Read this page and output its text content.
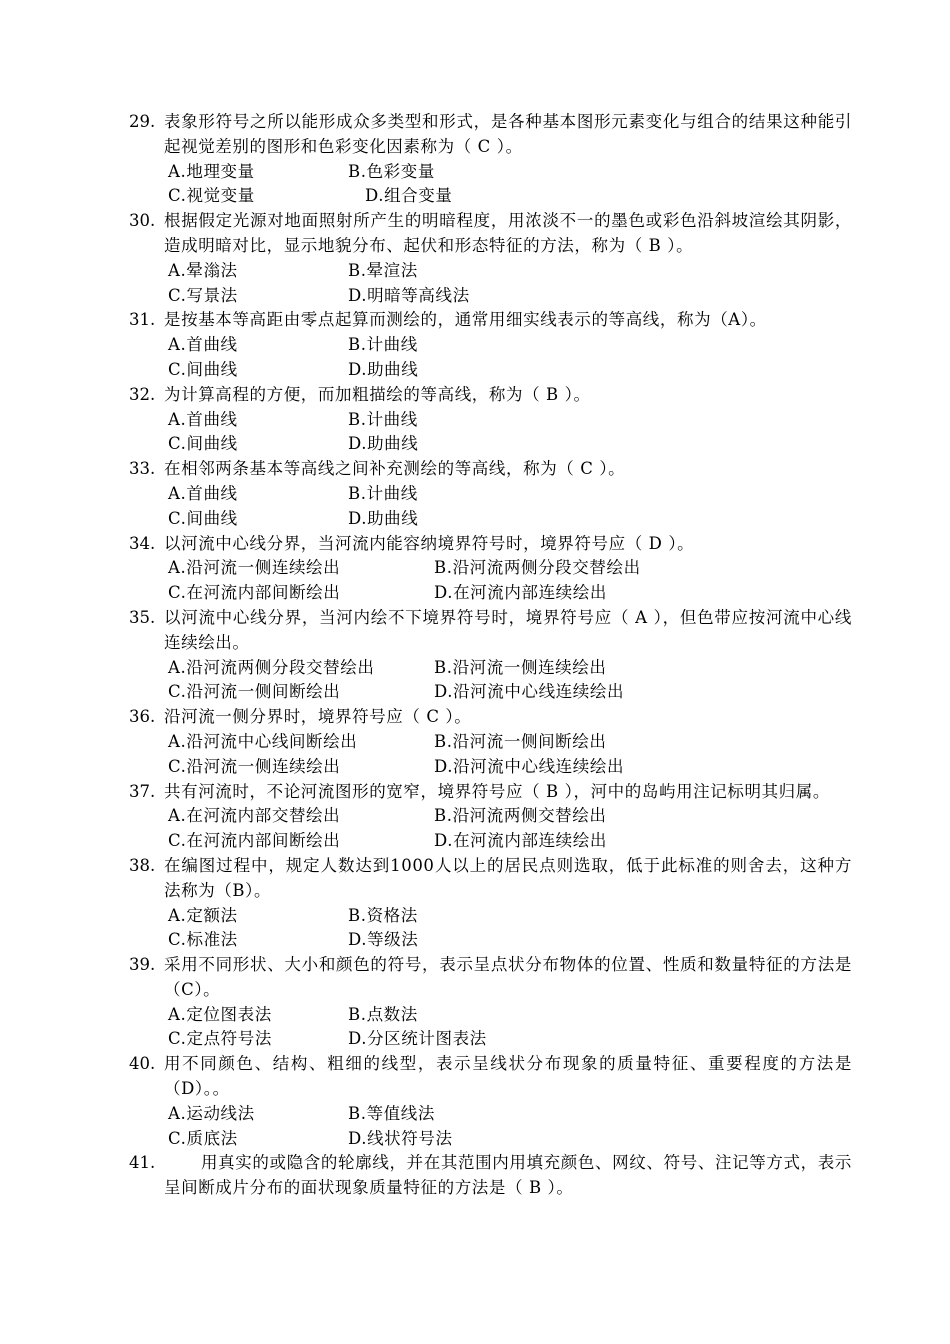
29. 表象形符号之所以能形成众多类型和形式，是各种基本图形元素变化与组合的结果这种能引起视觉差别的图形和色彩变化因素称为（ C ）。
A.地理变量	B.色彩变量
C.视觉变量	D.组合变量
30. 根据假定光源对地面照射所产生的明暗程度，用浓淡不一的墨色或彩色沿斜坡渲绘其阴影，造成明暗对比，显示地貌分布、起伏和形态特征的方法，称为（ B ）。
A.晕滃法	B.晕渲法
C.写景法	D.明暗等高线法
31. 是按基本等高距由零点起算而测绘的，通常用细实线表示的等高线，称为（A）。
A.首曲线	B.计曲线
C.间曲线	D.助曲线
32. 为计算高程的方便，而加粗描绘的等高线，称为（ B ）。
A.首曲线	B.计曲线
C.间曲线	D.助曲线
33. 在相邻两条基本等高线之间补充测绘的等高线，称为（ C ）。
A.首曲线	B.计曲线
C.间曲线	D.助曲线
34. 以河流中心线分界，当河流内能容纳境界符号时，境界符号应（ D ）。
A.沿河流一侧连续绘出	B.沿河流两侧分段交替绘出
C.在河流内部间断绘出	D.在河流内部连续绘出
35. 以河流中心线分界，当河内绘不下境界符号时，境界符号应（ A ），但色带应按河流中心线连续绘出。
A.沿河流两侧分段交替绘出	B.沿河流一侧连续绘出
C.沿河流一侧间断绘出	D.沿河流中心线连续绘出
36. 沿河流一侧分界时，境界符号应（ C ）。
A.沿河流中心线间断绘出	B.沿河流一侧间断绘出
C.沿河流一侧连续绘出	D.沿河流中心线连续绘出
37. 共有河流时，不论河流图形的宽窄，境界符号应（ B ），河中的岛屿用注记标明其归属。
A.在河流内部交替绘出	B.沿河流两侧交替绘出
C.在河流内部间断绘出	D.在河流内部连续绘出
38. 在编图过程中，规定人数达到1000人以上的居民点则选取，低于此标准的则舍去，这种方法称为（B）。
A.定额法	B.资格法
C.标准法	D.等级法
39. 采用不同形状、大小和颜色的符号，表示呈点状分布物体的位置、性质和数量特征的方法是（C）。
A.定位图表法	B.点数法
C.定点符号法	D.分区统计图表法
40. 用不同颜色、结构、粗细的线型，表示呈线状分布现象的质量特征、重要程度的方法是（D）。。
A.运动线法	B.等值线法
C.质底法	D.线状符号法
41.	用真实的或隐含的轮廓线，并在其范围内用填充颜色、网纹、符号、注记等方式，表示呈间断成片分布的面状现象质量特征的方法是（ B ）。
